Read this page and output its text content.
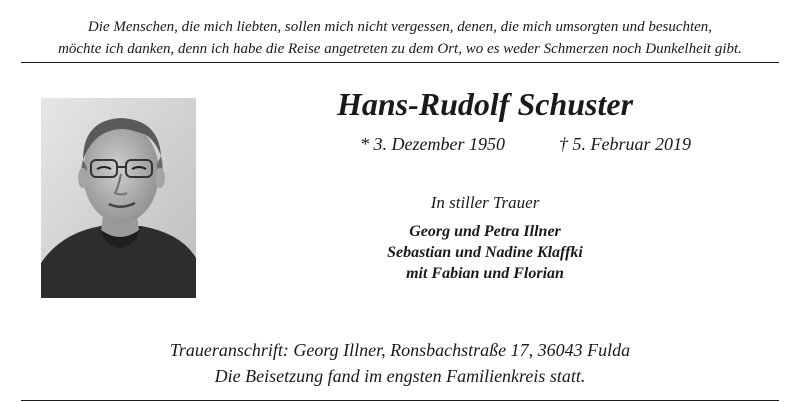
Die Menschen, die mich liebten, sollen mich nicht vergessen, denen, die mich umsorgten und besuchten,
möchte ich danken, denn ich habe die Reise angetreten zu dem Ort, wo es weder Schmerzen noch Dunkelheit gibt.
Hans-Rudolf Schuster
* 3. Dezember 1950	† 5. Februar 2019
In stiller Trauer
Georg und Petra Illner
Sebastian und Nadine Klaffki
mit Fabian und Florian
Traueranschrift: Georg Illner, Ronsbachstraße 17, 36043 Fulda
Die Beisetzung fand im engsten Familienkreis statt.
